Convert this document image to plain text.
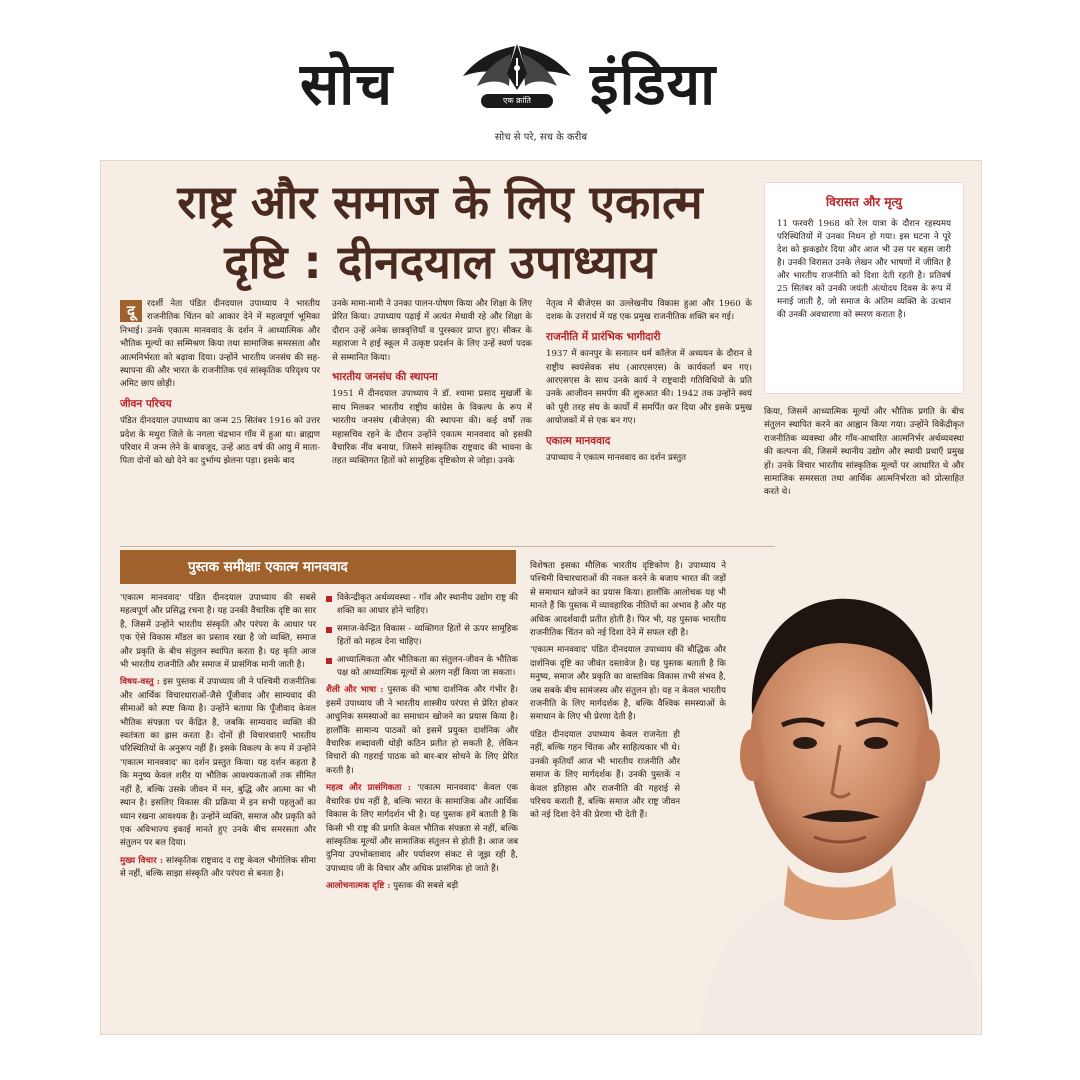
सोच	एक क्रांति	इंडिया
सोच से परे, सच के करीब
राष्ट्र और समाज के लिए एकात्म
दृष्टि : दीनदयाल उपाध्याय
विरासत और मृत्यु

11 फरवरी 1968 को रेल यात्रा के दौरान रहस्यमय परिस्थितियों में उनका निधन हो गया। इस घटना ने पूरे देश को झकझोर दिया और आज भी उस पर बहस जारी है। उनकी विरासत उनके लेखन और भाषणों में जीवित है और भारतीय राजनीति को दिशा देती रहती है। प्रतिवर्ष 25 सितंबर को उनकी जयंती अंत्योदय दिवस के रूप में मनाई जाती है, जो समाज के अंतिम व्यक्ति के उत्थान की उनकी अवधारणा को स्मरण कराता है।

दू	रदर्शी नेता पंडित दीनदयाल उपाध्याय ने भारतीय राजनीतिक चिंतन को आकार देने में महत्वपूर्ण भूमिका निभाई। उनके एकात्म मानववाद के दर्शन ने आध्यात्मिक और भौतिक मूल्यों का सम्मिश्रण किया तथा सामाजिक समरसता और आत्मनिर्भरता को बढ़ावा दिया। उन्होंने भारतीय जनसंघ की सह-स्थापना की और भारत के राजनीतिक एवं सांस्कृतिक परिदृश्य पर अमिट छाप छोड़ी।

जीवन परिचय

पंडित दीनदयाल उपाध्याय का जन्म 25 सितंबर 1916 को उत्तर प्रदेश के मथुरा जिले के नगला चंद्रभान गाँव में हुआ था। ब्राह्मण परिवार में जन्म लेने के बावजूद, उन्हें आठ वर्ष की आयु में माता-पिता दोनों को खो देने का दुर्भाग्य झेलना पड़ा। इसके बाद

उनके मामा-मामी ने उनका पालन-पोषण किया और शिक्षा के लिए प्रेरित किया। उपाध्याय पढ़ाई में अत्यंत मेधावी रहे और शिक्षा के दौरान उन्हें अनेक छात्रवृत्तियाँ व पुरस्कार प्राप्त हुए। सीकर के महाराजा ने हाई स्कूल में उत्कृष्ट प्रदर्शन के लिए उन्हें स्वर्ण पदक से सम्मानित किया।

भारतीय जनसंघ की स्थापना

1951 में दीनदयाल उपाध्याय ने डॉ. श्यामा प्रसाद मुखर्जी के साथ मिलकर भारतीय राष्ट्रीय कांग्रेस के विकल्प के रूप में भारतीय जनसंघ (बीजेएस) की स्थापना की। कई वर्षों तक महासचिव रहने के दौरान उन्होंने एकात्म मानववाद को इसकी वैचारिक नींव बनाया, जिसने सांस्कृतिक राष्ट्रवाद की भावना के तहत व्यक्तिगत हितों को सामूहिक दृष्टिकोण से जोड़ा। उनके

नेतृत्व में बीजेएस का उल्लेखनीय विकास हुआ और 1960 के दशक के उत्तरार्ध में यह एक प्रमुख राजनीतिक शक्ति बन गई।

राजनीति में प्रारंभिक भागीदारी

1937 में कानपुर के सनातन धर्म कॉलेज में अध्ययन के दौरान वे राष्ट्रीय स्वयंसेवक संघ (आरएसएस) के कार्यकर्ता बन गए। आरएसएस के साथ उनके कार्य ने राष्ट्रवादी गतिविधियों के प्रति उनके आजीवन समर्पण की शुरुआत की। 1942 तक उन्होंने स्वयं को पूरी तरह संघ के कार्यों में समर्पित कर दिया और इसके प्रमुख आयोजकों में से एक बन गए।

एकात्म मानववाद

उपाध्याय ने एकात्म मानववाद का दर्शन प्रस्तुत

किया, जिसमें आध्यात्मिक मूल्यों और भौतिक प्रगति के बीच संतुलन स्थापित करने का आह्वान किया गया। उन्होंने विकेंद्रीकृत राजनीतिक व्यवस्था और गाँव-आधारित आत्मनिर्भर अर्थव्यवस्था की कल्पना की, जिसमें स्थानीय उद्योग और स्थायी प्रथाएँ प्रमुख हों। उनके विचार भारतीय सांस्कृतिक मूल्यों पर आधारित थे और सामाजिक समरसता तथा आर्थिक आत्मनिर्भरता को प्रोत्साहित करते थे।

पुस्तक समीक्षाः एकात्म मानववाद

'एकात्म मानववाद' पंडित दीनदयाल उपाध्याय की सबसे महत्वपूर्ण और प्रसिद्ध रचना है। यह उनकी वैचारिक दृष्टि का सार है, जिसमें उन्होंने भारतीय संस्कृति और परंपरा के आधार पर एक ऐसे विकास मॉडल का प्रस्ताव रखा है जो व्यक्ति, समाज और प्रकृति के बीच संतुलन स्थापित करता है। यह कृति आज भी भारतीय राजनीति और समाज में प्रासंगिक मानी जाती है।

विषय-वस्तु : इस पुस्तक में उपाध्याय जी ने पश्चिमी राजनीतिक और आर्थिक विचारधाराओं-जैसे पूँजीवाद और साम्यवाद की सीमाओं को स्पष्ट किया है। उन्होंने बताया कि पूँजीवाद केवल भौतिक संपन्नता पर केंद्रित है, जबकि साम्यवाद व्यक्ति की स्वतंत्रता का ह्रास करता है। दोनों ही विचारधाराएँ भारतीय परिस्थितियों के अनुरूप नहीं हैं। इसके विकल्प के रूप में उन्होंने 'एकात्म मानववाद' का दर्शन प्रस्तुत किया। यह दर्शन कहता है कि मनुष्य केवल शरीर या भौतिक आवश्यकताओं तक सीमित नहीं है, बल्कि उसके जीवन में मन, बुद्धि और आत्मा का भी स्थान है। इसलिए विकास की प्रक्रिया में इन सभी पहलुओं का ध्यान रखना आवश्यक है। उन्होंने व्यक्ति, समाज और प्रकृति को एक अविभाज्य इकाई मानते हुए उनके बीच समरसता और संतुलन पर बल दिया।

मुख्य विचार : सांस्कृतिक राष्ट्रवाद द राष्ट्र केवल भौगोलिक सीमा से नहीं, बल्कि साझा संस्कृति और परंपरा से बनता है।

विकेन्द्रीकृत अर्थव्यवस्था - गाँव और स्थानीय उद्योग राष्ट्र की शक्ति का आधार होने चाहिए।

समाज-केन्द्रित विकास - व्यक्तिगत हितों से ऊपर सामूहिक हितों को महत्व देना चाहिए।

आध्यात्मिकता और भौतिकता का संतुलन-जीवन के भौतिक पक्ष को आध्यात्मिक मूल्यों से अलग नहीं किया जा सकता।

शैली और भाषा : पुस्तक की भाषा दार्शनिक और गंभीर है। इसमें उपाध्याय जी ने भारतीय शास्त्रीय परंपरा से प्रेरित होकर आधुनिक समस्याओं का समाधान खोजने का प्रयास किया है। हालाँकि सामान्य पाठकों को इसमें प्रयुक्त दार्शनिक और वैचारिक शब्दावली थोड़ी कठिन प्रतीत हो सकती है, लेकिन विचारों की गहराई पाठक को बार-बार सोचने के लिए प्रेरित करती है।

महत्व और प्रासंगिकता : 'एकात्म मानववाद' केवल एक वैचारिक ग्रंथ नहीं है, बल्कि भारत के सामाजिक और आर्थिक विकास के लिए मार्गदर्शन भी है। यह पुस्तक हमें बताती है कि किसी भी राष्ट्र की प्रगति केवल भौतिक संपन्नता से नहीं, बल्कि सांस्कृतिक मूल्यों और सामाजिक संतुलन से होती है। आज जब दुनिया उपभोक्तावाद और पर्यावरण संकट से जूझ रही है, उपाध्याय जी के विचार और अधिक प्रासंगिक हो जाते हैं।

आलोचनात्मक दृष्टि : पुस्तक की सबसे बड़ी

विशेषता इसका मौलिक भारतीय दृष्टिकोण है। उपाध्याय ने पश्चिमी विचारधाराओं की नकल करने के बजाय भारत की जड़ों से समाधान खोजने का प्रयास किया। हालाँकि आलोचक यह भी मानते हैं कि पुस्तक में व्यावहारिक नीतियों का अभाव है और यह अधिक आदर्शवादी प्रतीत होती है। फिर भी, यह पुस्तक भारतीय राजनीतिक चिंतन को नई दिशा देने में सफल रही है।

'एकात्म मानववाद' पंडित दीनदयाल उपाध्याय की बौद्धिक और दार्शनिक दृष्टि का जीवंत दस्तावेज है। यह पुस्तक बताती है कि मनुष्य, समाज और प्रकृति का वास्तविक विकास तभी संभव है, जब सबके बीच सामंजस्य और संतुलन हो। यह न केवल भारतीय राजनीति के लिए मार्गदर्शक है, बल्कि वैश्विक समस्याओं के समाधान के लिए भी प्रेरणा देती है।

पंडित दीनदयाल उपाध्याय केवल राजनेता ही नहीं, बल्कि गहन चिंतक और साहित्यकार भी थे। उनकी कृतियाँ आज भी भारतीय राजनीति और समाज के लिए मार्गदर्शक हैं। उनकी पुस्तकें न केवल इतिहास और राजनीति की गहराई से परिचय कराती हैं, बल्कि समाज और राष्ट्र जीवन को नई दिशा देने की प्रेरणा भी देती हैं।
